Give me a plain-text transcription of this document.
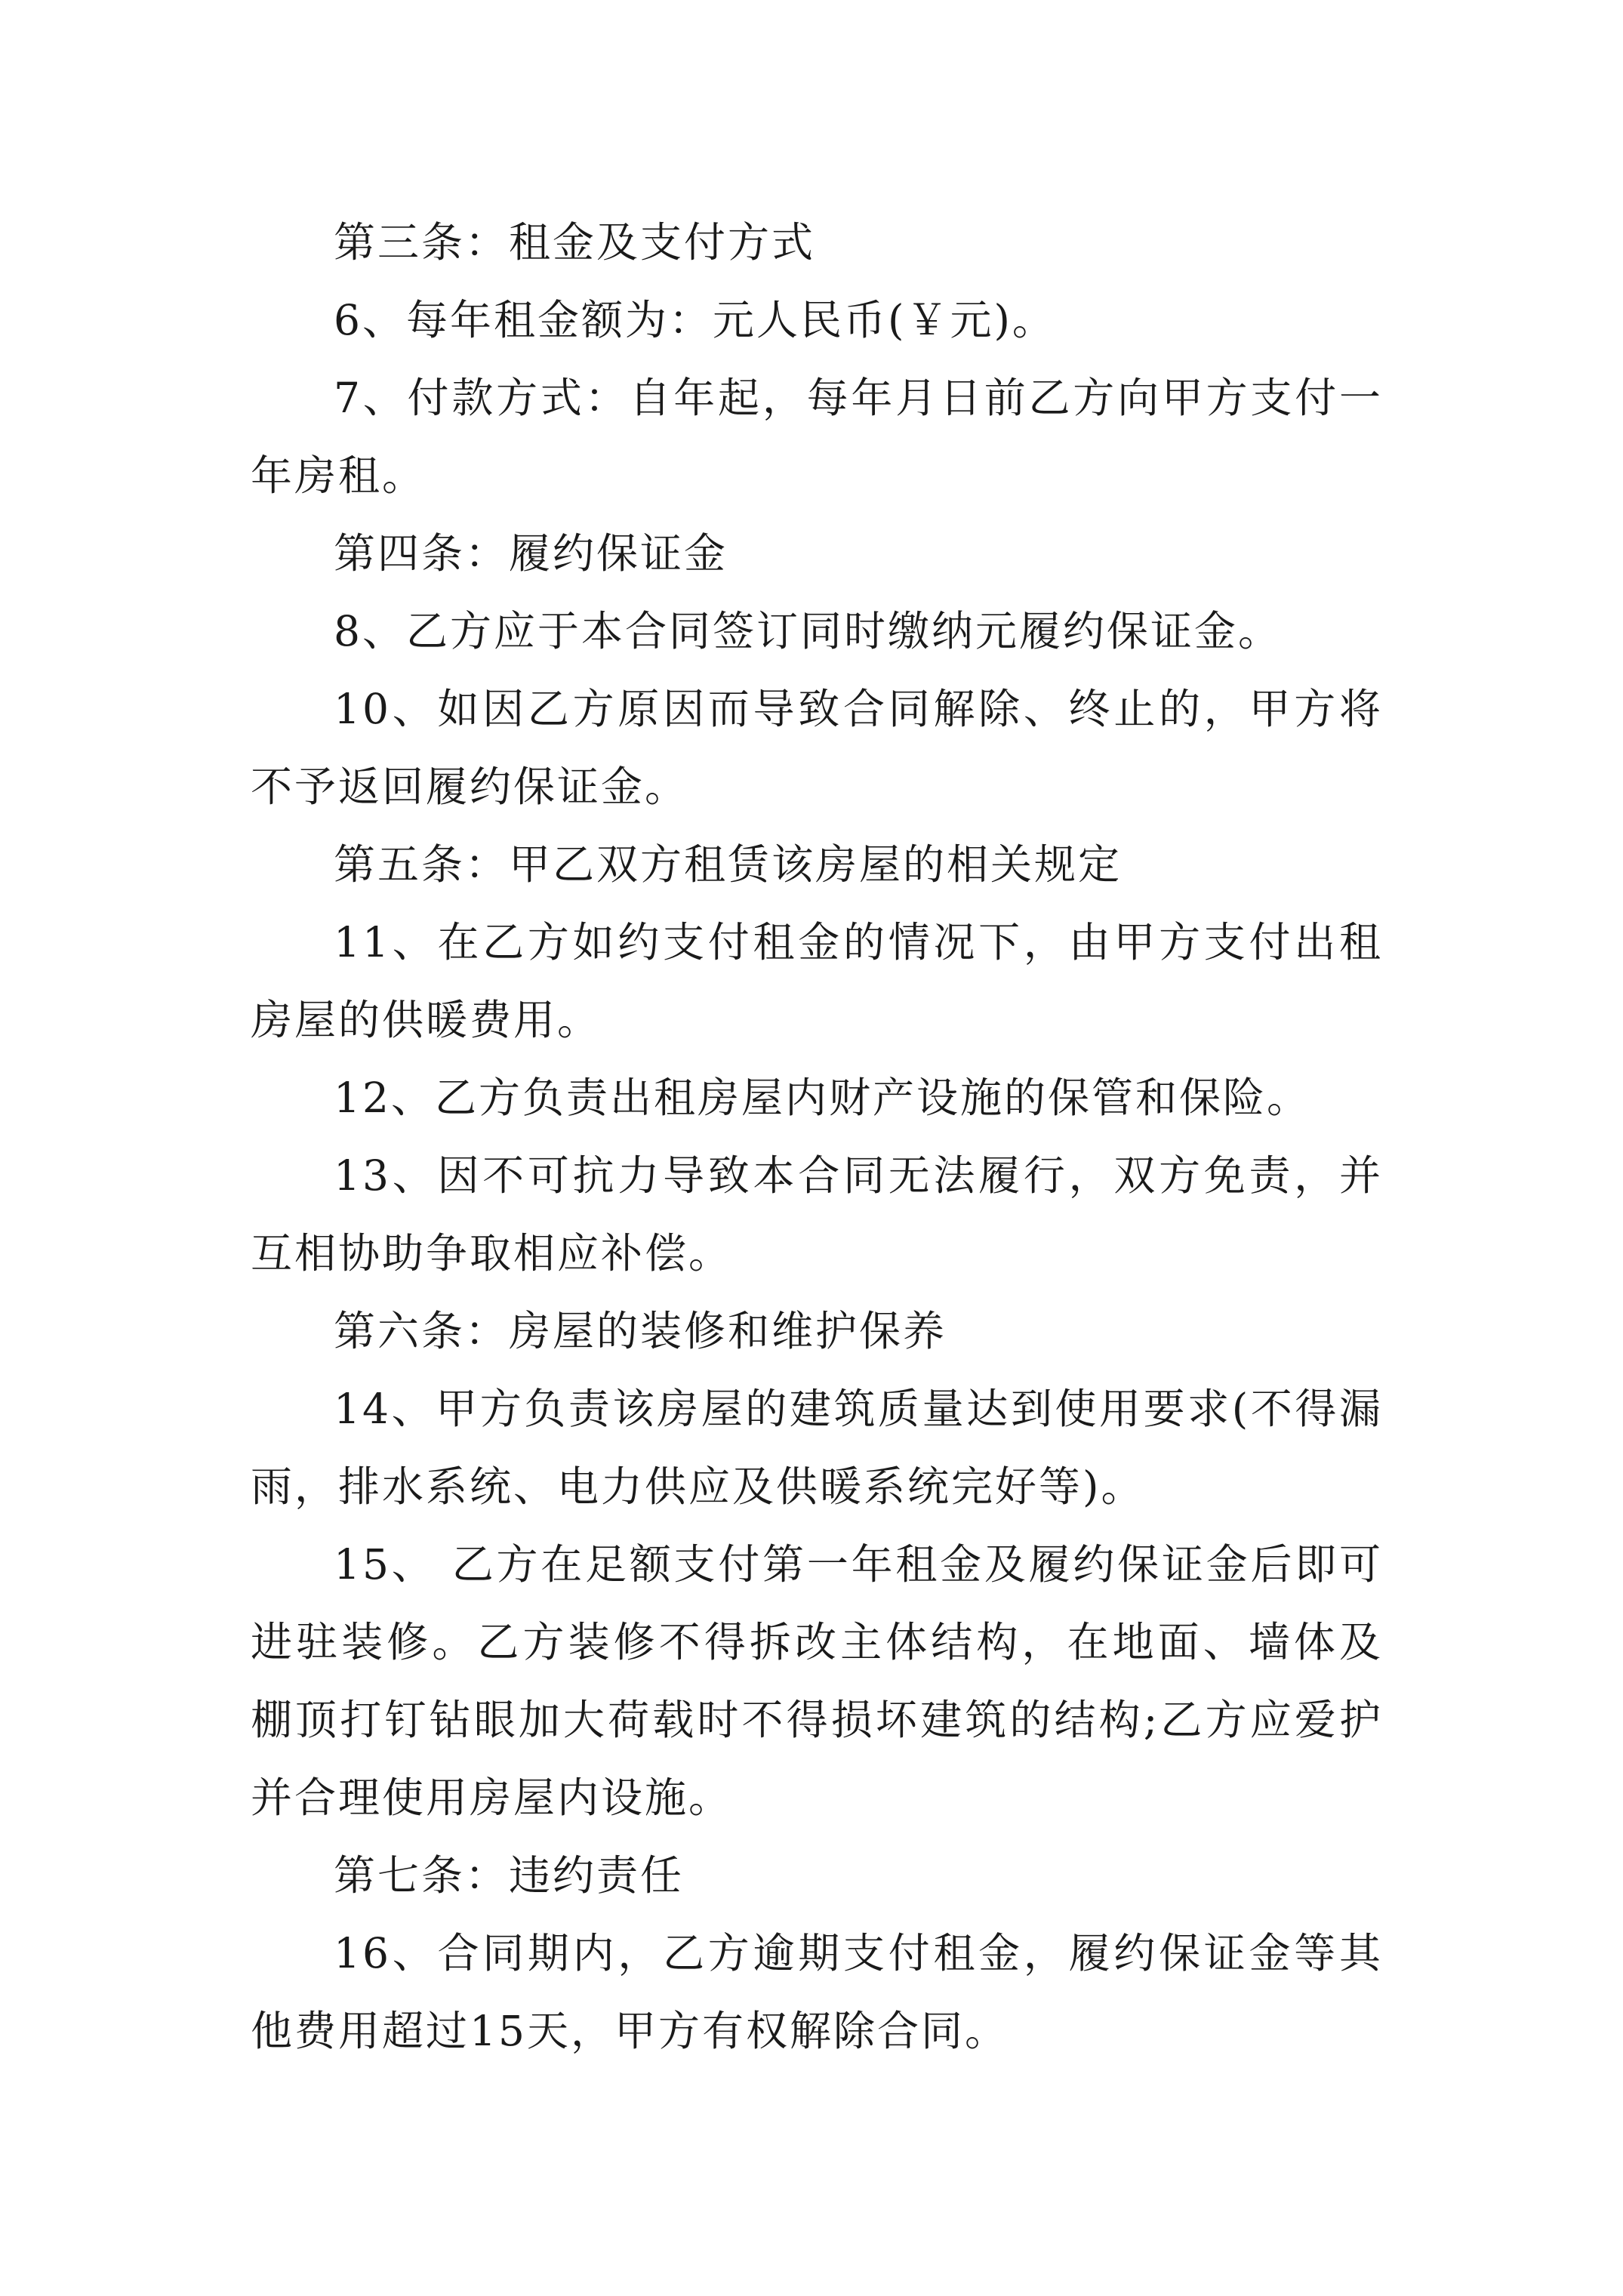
第三条：租金及支付方式

6、每年租金额为：元人民币(￥元)。

7、付款方式：自年起，每年月日前乙方向甲方支付一年房租。

第四条：履约保证金

8、乙方应于本合同签订同时缴纳元履约保证金。

10、如因乙方原因而导致合同解除、终止的，甲方将不予返回履约保证金。

第五条：甲乙双方租赁该房屋的相关规定

11、在乙方如约支付租金的情况下，由甲方支付出租房屋的供暖费用。

12、乙方负责出租房屋内财产设施的保管和保险。

13、因不可抗力导致本合同无法履行，双方免责，并互相协助争取相应补偿。

第六条：房屋的装修和维护保养

14、甲方负责该房屋的建筑质量达到使用要求(不得漏雨，排水系统、电力供应及供暖系统完好等)。

15、 乙方在足额支付第一年租金及履约保证金后即可进驻装修。乙方装修不得拆改主体结构，在地面、墙体及棚顶打钉钻眼加大荷载时不得损坏建筑的结构;乙方应爱护并合理使用房屋内设施。

第七条：违约责任

16、合同期内，乙方逾期支付租金，履约保证金等其他费用超过15天，甲方有权解除合同。
